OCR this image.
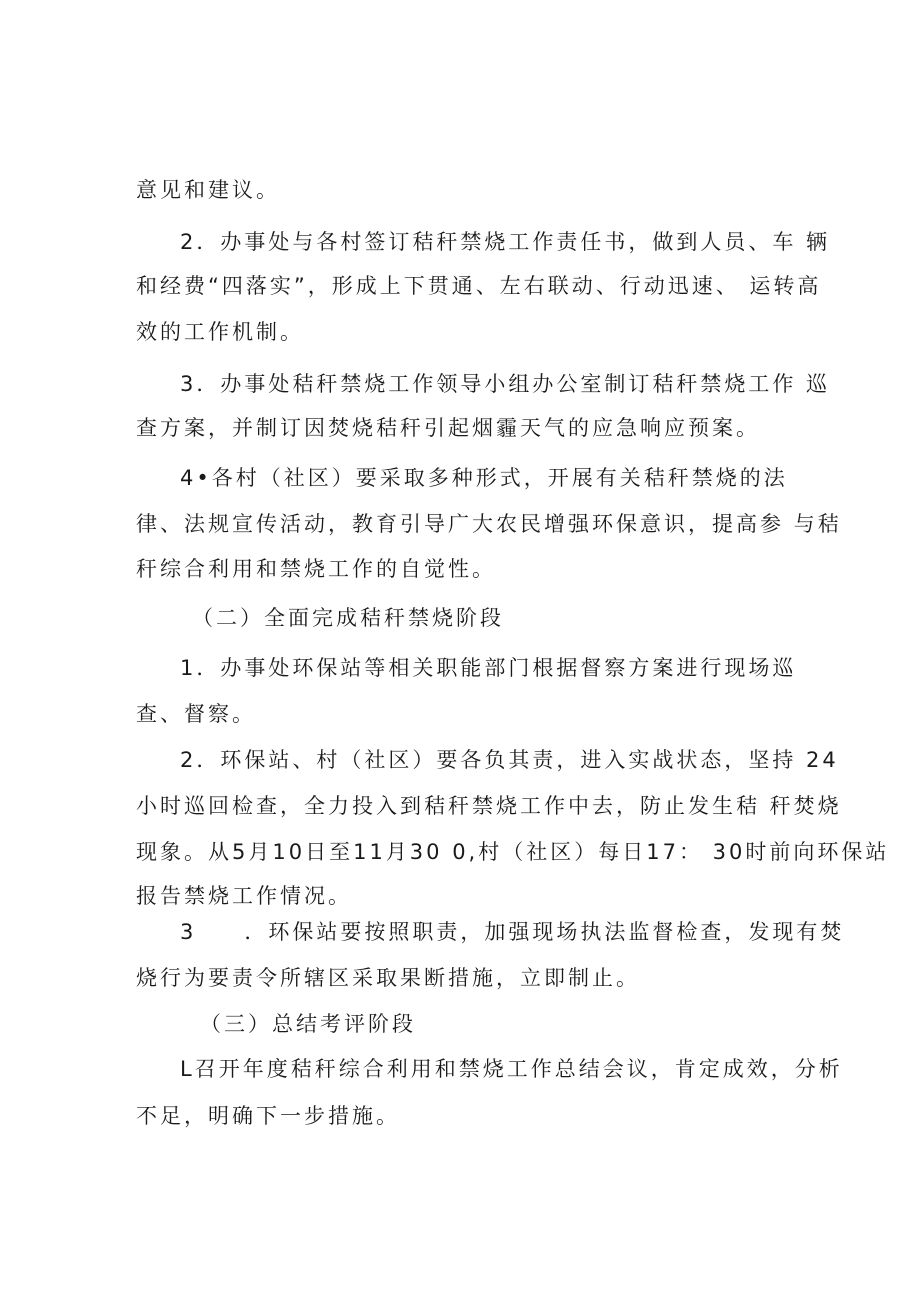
意见和建议。
2．办事处与各村签订秸秆禁烧工作责任书，做到人员、车 辆
和经费“四落实”，形成上下贯通、左右联动、行动迅速、 运转高
效的工作机制。
3．办事处秸秆禁烧工作领导小组办公室制订秸秆禁烧工作 巡
查方案，并制订因焚烧秸秆引起烟霾天气的应急响应预案。
4•各村（社区）要采取多种形式，开展有关秸秆禁烧的法
律、法规宣传活动，教育引导广大农民增强环保意识，提高参 与秸
秆综合利用和禁烧工作的自觉性。
（二）全面完成秸秆禁烧阶段
1．办事处环保站等相关职能部门根据督察方案进行现场巡
查、督察。
2．环保站、村（社区）要各负其责，进入实战状态，坚持 24
小时巡回检查，全力投入到秸秆禁烧工作中去，防止发生秸 秆焚烧
现象。从5月10日至11月30 0,村（社区）每日17： 30时前向环保站
报告禁烧工作情况。
3　　．环保站要按照职责，加强现场执法监督检查，发现有焚
烧行为要责令所辖区采取果断措施，立即制止。
（三）总结考评阶段
L召开年度秸秆综合利用和禁烧工作总结会议，肯定成效，分析
不足，明确下一步措施。
